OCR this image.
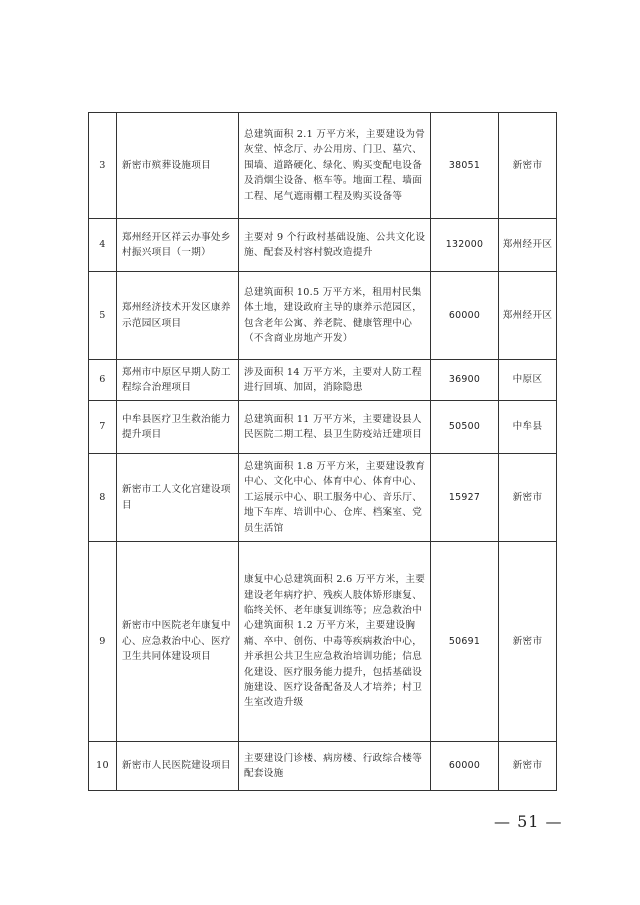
3	新密市殡葬设施项目	总建筑面积 2.1 万平方米，主要建设为骨灰堂、悼念厅、办公用房、门卫、墓穴、围墙、道路硬化、绿化、购买变配电设备及消烟尘设备、柩车等。地面工程、墙面工程、尾气遮雨棚工程及购买设备等	38051	新密市
4	郑州经开区祥云办事处乡村振兴项目（一期）	主要对 9 个行政村基础设施、公共文化设施、配套及村容村貌改造提升	132000	郑州经开区
5	郑州经济技术开发区康养示范园区项目	总建筑面积 10.5 万平方米，租用村民集体土地，建设政府主导的康养示范园区，包含老年公寓、养老院、健康管理中心（不含商业房地产开发）	60000	郑州经开区
6	郑州市中原区早期人防工程综合治理项目	涉及面积 14 万平方米，主要对人防工程进行回填、加固，消除隐患	36900	中原区
7	中牟县医疗卫生救治能力提升项目	总建筑面积 11 万平方米，主要建设县人民医院二期工程、县卫生防疫站迁建项目	50500	中牟县
8	新密市工人文化宫建设项目	总建筑面积 1.8 万平方米，主要建设教育中心、文化中心、体育中心、体育中心、工运展示中心、职工服务中心、音乐厅、地下车库、培训中心、仓库、档案室、党员生活馆	15927	新密市
9	新密市中医院老年康复中心、应急救治中心、医疗卫生共同体建设项目	康复中心总建筑面积 2.6 万平方米，主要建设老年病疗护、残疾人肢体矫形康复、临终关怀、老年康复训练等；应急救治中心建筑面积 1.2 万平方米，主要建设胸痛、卒中、创伤、中毒等疾病救治中心，并承担公共卫生应急救治培训功能；信息化建设、医疗服务能力提升，包括基础设施建设、医疗设备配备及人才培养；村卫生室改造升级	50691	新密市
10	新密市人民医院建设项目	主要建设门诊楼、病房楼、行政综合楼等配套设施	60000	新密市
— 51 —
